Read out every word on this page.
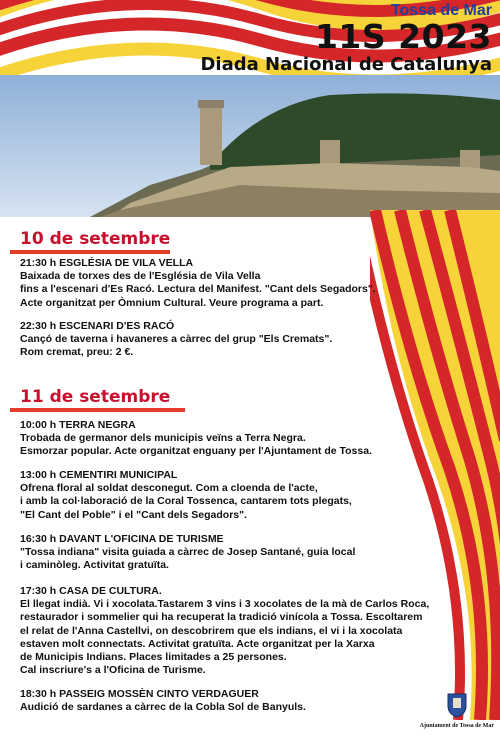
Tossa de Mar
11S 2023
Diada Nacional de Catalunya
10 de setembre
21:30 h ESGLÉSIA DE VILA VELLA
Baixada de torxes des de l'Església de Vila Vella
fins a l'escenari d'Es Racó. Lectura del Manifest. "Cant dels Segadors".
Acte organitzat per Òmnium Cultural. Veure programa a part.
22:30 h ESCENARI D'ES RACÓ
Cançó de taverna i havaneres a càrrec del grup "Els Cremats".
Rom cremat, preu: 2 €.
11 de setembre
10:00 h TERRA NEGRA
Trobada de germanor dels municipis veïns a Terra Negra.
Esmorzar popular. Acte organitzat enguany per l'Ajuntament de Tossa.
13:00 h CEMENTIRI MUNICIPAL
Ofrena floral al soldat desconegut. Com a cloenda de l'acte,
i amb la col·laboració de la Coral Tossenca, cantarem tots plegats,
"El Cant del Poble" i el "Cant dels Segadors".
16:30 h DAVANT L'OFICINA DE TURISME
"Tossa indiana" visita guiada a càrrec de Josep Santané, guia local
i caminòleg. Activitat gratuïta.
17:30 h CASA DE CULTURA.
El llegat indià. Vi i xocolata.Tastarem 3 vins i 3 xocolates de la mà de Carlos Roca,
restaurador i sommelier qui ha recuperat la tradició vinícola a Tossa. Escoltarem
el relat de l'Anna Castellvi, on descobrirem que els indians, el vi i la xocolata
estaven molt connectats. Activitat gratuïta. Acte organitzat per la Xarxa
de Municipis Indians. Places limitades a 25 persones.
Cal inscriure's a l'Oficina de Turisme.
18:30 h PASSEIG MOSSÈN CINTO VERDAGUER
Audició de sardanes a càrrec de la Cobla Sol de Banyuls.
Ajuntament de Tossa de Mar
